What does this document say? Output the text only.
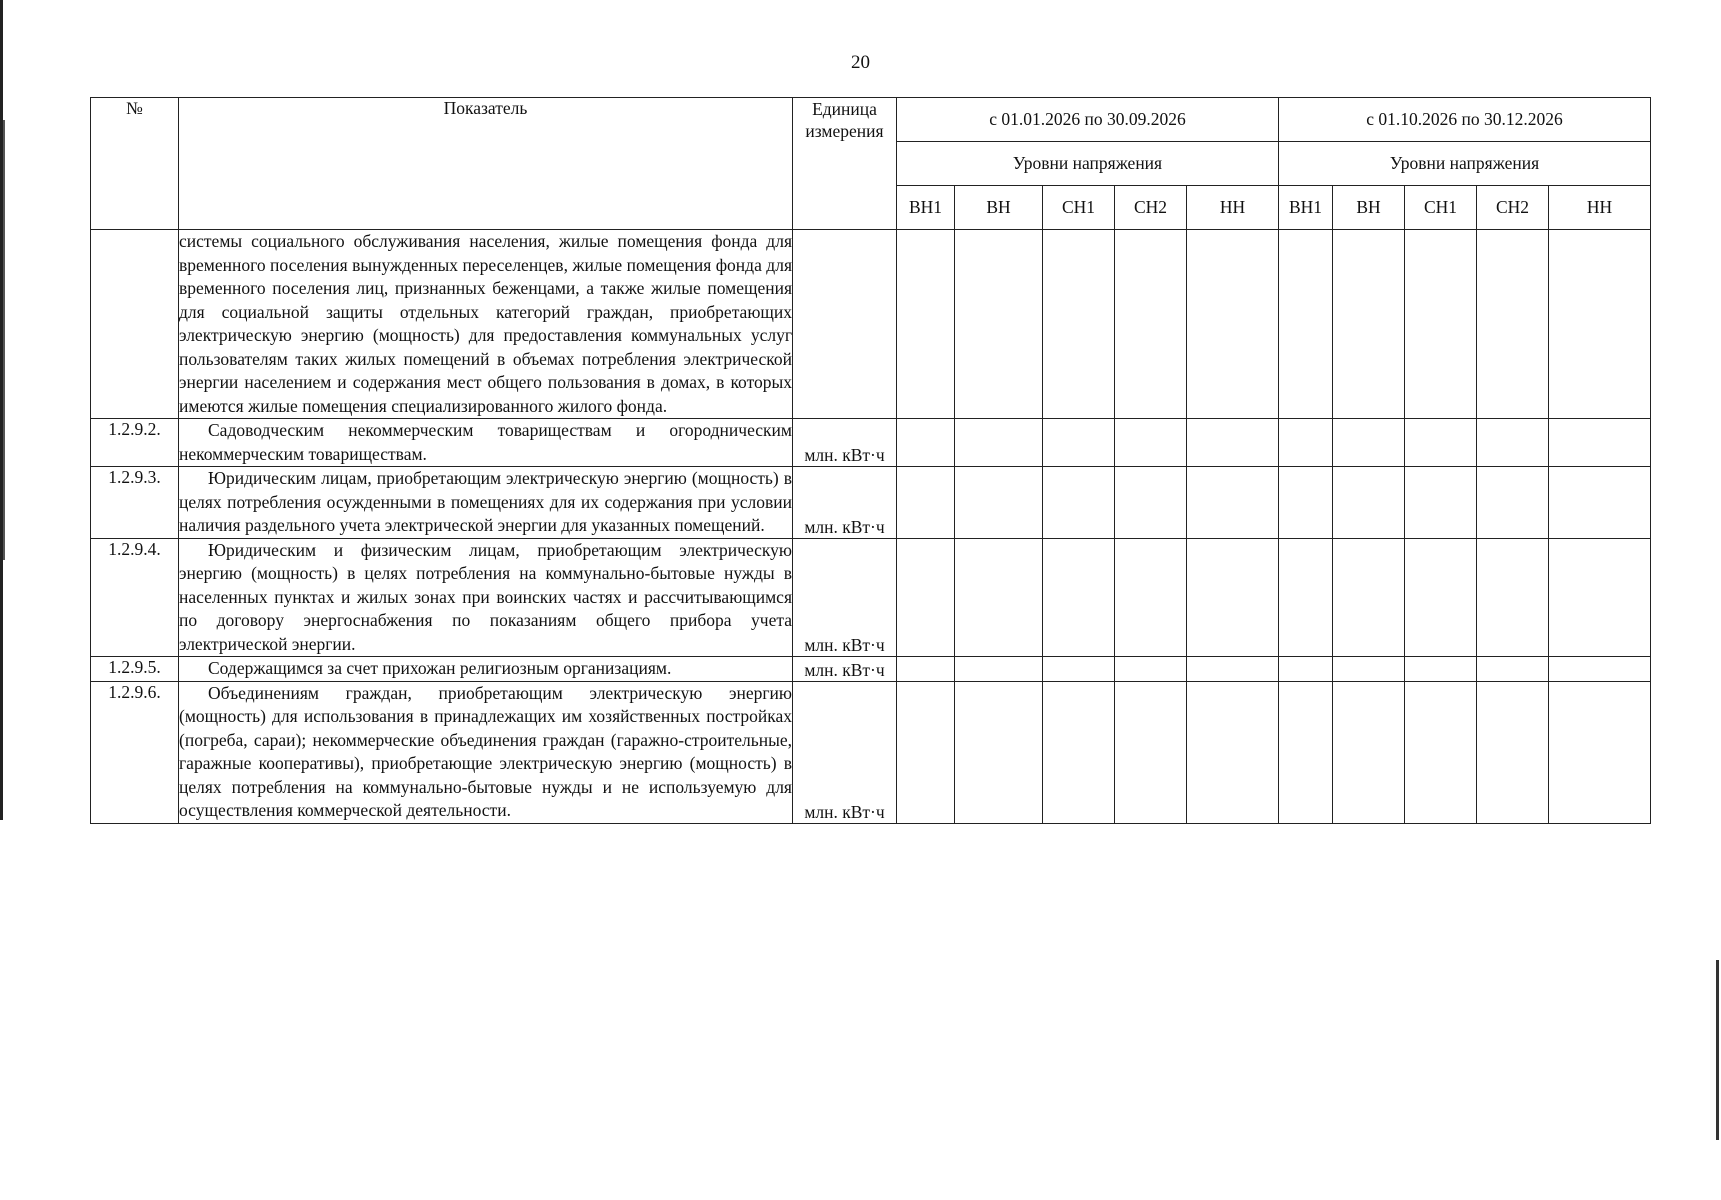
20
№	Показатель	Единица измерения	с 01.01.2026 по 30.09.2026					с 01.10.2026 по 30.12.2026				
			Уровни напряжения					Уровни напряжения				
			ВН1	ВН	СН1	СН2	НН	ВН1	ВН	СН1	СН2	НН

	системы социального обслуживания населения, жилые помещения фонда для временного поселения вынужденных переселенцев, жилые помещения фонда для временного поселения лиц, признанных беженцами, а также жилые помещения для социальной защиты отдельных категорий граждан, приобретающих электрическую энергию (мощность) для предоставления коммунальных услуг пользователям таких жилых помещений в объемах потребления электрической энергии населением и содержания мест общего пользования в домах, в которых имеются жилые помещения специализированного жилого фонда.											

1.2.9.2.	Садоводческим некоммерческим товариществам и огородническим некоммерческим товариществам.	млн. кВт·ч										
1.2.9.3.	Юридическим лицам, приобретающим электрическую энергию (мощность) в целях потребления осужденными в помещениях для их содержания при условии наличия раздельного учета электрической энергии для указанных помещений.	млн. кВт·ч										
1.2.9.4.	Юридическим и физическим лицам, приобретающим электрическую энергию (мощность) в целях потребления на коммунально-бытовые нужды в населенных пунктах и жилых зонах при воинских частях и рассчитывающимся по договору энергоснабжения по показаниям общего прибора учета электрической энергии.	млн. кВт·ч										
1.2.9.5.	Содержащимся за счет прихожан религиозным организациям.	млн. кВт·ч										
1.2.9.6.	Объединениям граждан, приобретающим электрическую энергию (мощность) для использования в принадлежащих им хозяйственных постройках (погреба, сараи); некоммерческие объединения граждан (гаражно-строительные, гаражные кооперативы), приобретающие электрическую энергию (мощность) в целях потребления на коммунально-бытовые нужды и не используемую для осуществления коммерческой деятельности.	млн. кВт·ч										
